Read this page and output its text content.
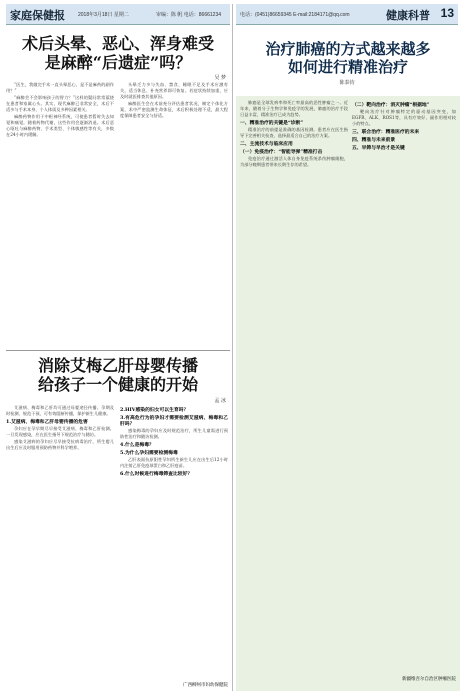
家庭保健报	2018年3月18日 星期二	审编：陈 帆 电话：86661234	电话：(0451)86659345 E-mail:2184171@qq.com	健康科普 13
术后头晕、恶心、浑身难受
是麻醉“后遗症”吗？
吴 梦

“医生，我做完手术一直头晕恶心，是不是麻药的副作用？”

“麻醉会不会影响孩子的智力？”这样的疑问常常萦绕在患者和家属心头。其实，现代麻醉已非常安全，术后不适多与手术本身、个人体质及多种因素相关。

麻醉药物作用于中枢神经系统，可使患者暂时失去知觉和痛觉。随着药物代谢，这些作用会逐渐消退。术后恶心呕吐与麻醉药物、手术类型、个体敏感性等有关，多数在24小时内缓解。

头晕乏力多与失血、禁食、睡眠不足及手术应激有关，适当休息、补充营养即可恢复。若症状持续加重，应及时就医排查其他原因。

麻醉医生会在术前充分评估患者状况，制定个体化方案，术中严密监测生命体征，术后积极处理不适，最大程度保障患者安全与舒适。

消除艾梅乙肝母婴传播
给孩子一个健康的开始
孟 冰

艾滋病、梅毒和乙肝均可通过母婴途径传播。孕期及时检测、规范干预，可有效阻断传播，保护新生儿健康。

1.艾滋病、梅毒和乙肝母婴传播的危害

孕妇应在孕早期尽早接受艾滋病、梅毒和乙肝检测。一旦发现感染，应在医生指导下规范治疗与随访。

感染艾滋病的孕妇应尽早接受抗病毒治疗，所生婴儿出生后应及时服用预防药物并科学喂养。

2.HIV感染的妇女可以生育吗？
3.有高危行为的孕妇才需要检测艾滋病、梅毒和乙肝吗？

感染梅毒的孕妇应及时规范治疗，所生儿童需进行预防性治疗和随访检测。

4.什么是梅毒？
5.为什么孕妇需要检测梅毒

乙肝表面抗原阳性孕妇所生新生儿应在出生后12小时内注射乙肝免疫球蛋白和乙肝疫苗。

6.什么时候进行梅毒筛查比较好？
广西柳州市妇幼保健院
治疗肺癌的方式越来越多
如何进行精准治疗
陈泰钧

肺癌是全球发病率和死亡率最高的恶性肿瘤之一。近年来，随着分子生物学和免疫学的发展，肺癌的治疗手段日益丰富，精准治疗已成为趋势。

一、精准治疗的关键是“诊断”

精准治疗的前提是准确的基因检测。患者应在医生指导下完善相关检查，选择最适合自己的治疗方案。

二、主流技术与临床应用
（一）免疫治疗：“智能导弹”精准打击

免疫治疗通过激活人体自身免疫系统杀伤肿瘤细胞，为部分晚期患者带来长期生存的希望。

（二）靶向治疗：消灭肿瘤“根据地”

靶向治疗针对肿瘤特定的驱动基因突变，如EGFR、ALK、ROS1等，具有疗效好、副作用相对较小的特点。

三、联合治疗：精准医疗的未来
四、精准与未来前景
五、早筛与早治才是关键
新疆维吾尔自治区肿瘤医院
